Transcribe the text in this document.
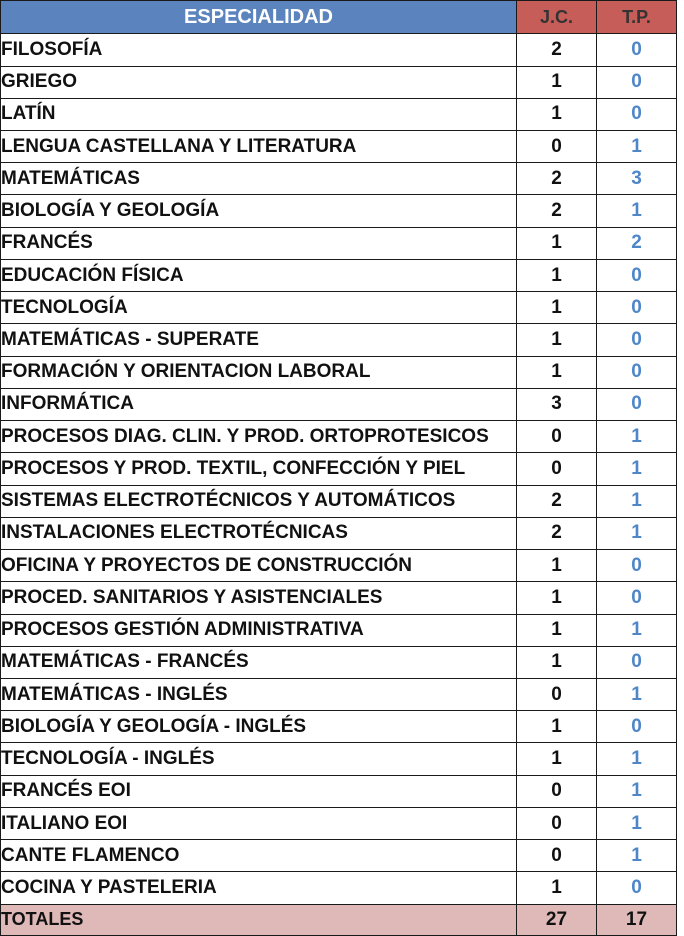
ESPECIALIDAD	J.C.	T.P.	
FILOSOFÍA	2	0	
GRIEGO	1	0	
LATÍN	1	0	
LENGUA CASTELLANA Y LITERATURA	0	1	
MATEMÁTICAS	2	3	
BIOLOGÍA Y GEOLOGÍA	2	1	
FRANCÉS	1	2	
EDUCACIÓN FÍSICA	1	0	
TECNOLOGÍA	1	0	
MATEMÁTICAS - SUPERATE	1	0	
FORMACIÓN Y ORIENTACION LABORAL	1	0	
INFORMÁTICA	3	0	
PROCESOS DIAG. CLIN. Y PROD. ORTOPROTESICOS	0	1	
PROCESOS Y PROD. TEXTIL, CONFECCIÓN Y PIEL	0	1	
SISTEMAS ELECTROTÉCNICOS Y AUTOMÁTICOS	2	1	
INSTALACIONES ELECTROTÉCNICAS	2	1	
OFICINA Y PROYECTOS DE CONSTRUCCIÓN	1	0	
PROCED. SANITARIOS Y ASISTENCIALES	1	0	
PROCESOS GESTIÓN ADMINISTRATIVA	1	1	
MATEMÁTICAS - FRANCÉS	1	0	
MATEMÁTICAS - INGLÉS	0	1	
BIOLOGÍA Y GEOLOGÍA - INGLÉS	1	0	
TECNOLOGÍA - INGLÉS	1	1	
FRANCÉS EOI	0	1	
ITALIANO EOI	0	1	
CANTE FLAMENCO	0	1	
COCINA Y PASTELERIA	1	0	
TOTALES	27	17	
